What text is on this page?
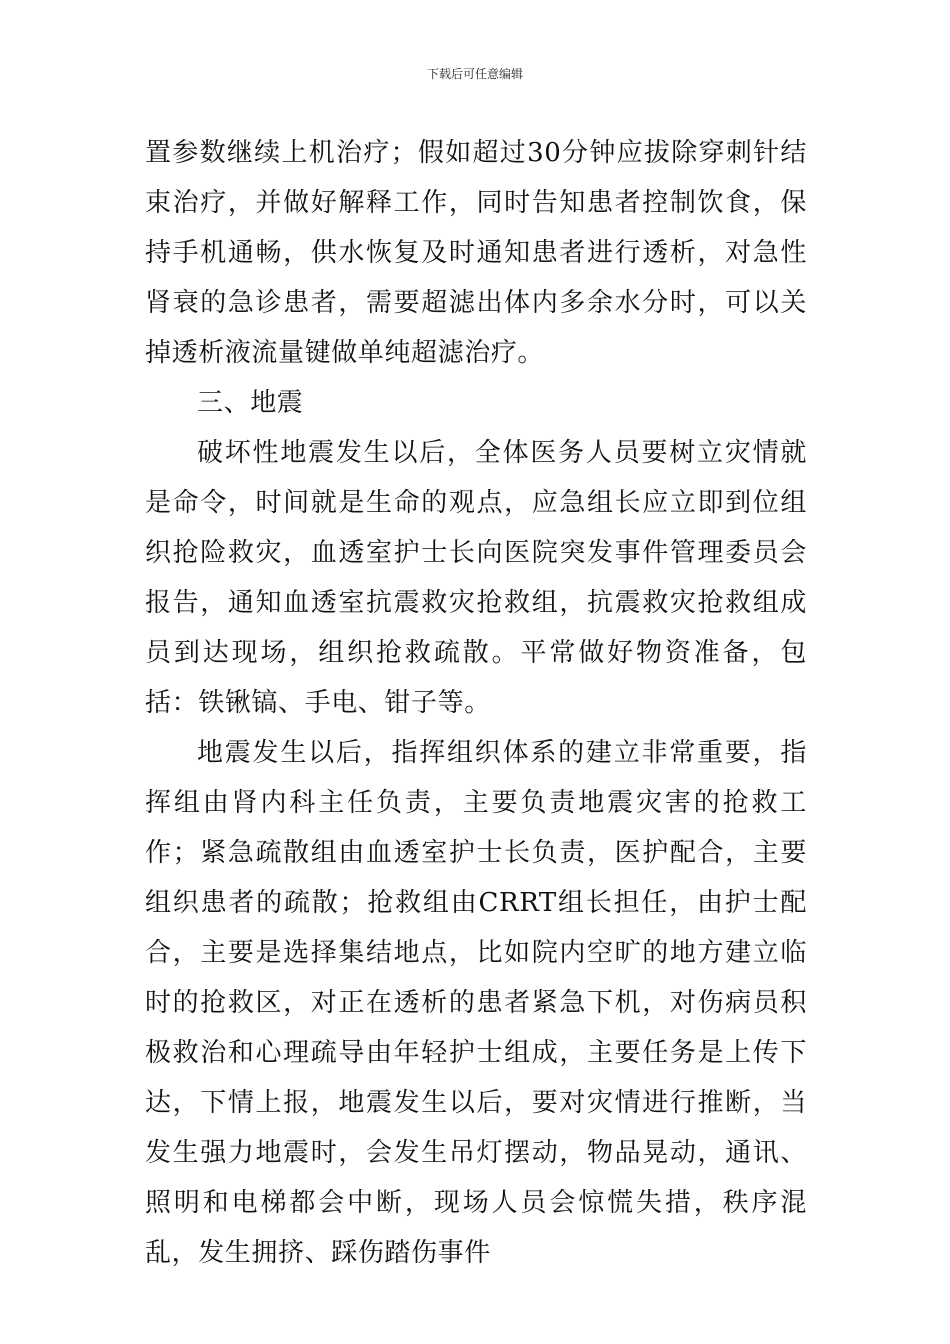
下载后可任意编辑

置参数继续上机治疗；假如超过30分钟应拔除穿刺针结束治疗，并做好解释工作，同时告知患者控制饮食，保持手机通畅，供水恢复及时通知患者进行透析，对急性肾衰的急诊患者，需要超滤出体内多余水分时，可以关掉透析液流量键做单纯超滤治疗。

三、地震

破坏性地震发生以后，全体医务人员要树立灾情就是命令，时间就是生命的观点，应急组长应立即到位组织抢险救灾，血透室护士长向医院突发事件管理委员会报告，通知血透室抗震救灾抢救组，抗震救灾抢救组成员到达现场，组织抢救疏散。平常做好物资准备，包括：铁锹镐、手电、钳子等。

地震发生以后，指挥组织体系的建立非常重要，指挥组由肾内科主任负责，主要负责地震灾害的抢救工作；紧急疏散组由血透室护士长负责，医护配合，主要组织患者的疏散；抢救组由CRRT组长担任，由护士配合，主要是选择集结地点，比如院内空旷的地方建立临时的抢救区，对正在透析的患者紧急下机，对伤病员积极救治和心理疏导由年轻护士组成，主要任务是上传下达，下情上报，地震发生以后，要对灾情进行推断，当发生强力地震时，会发生吊灯摆动，物品晃动，通讯、照明和电梯都会中断，现场人员会惊慌失措，秩序混乱，发生拥挤、踩伤踏伤事件
